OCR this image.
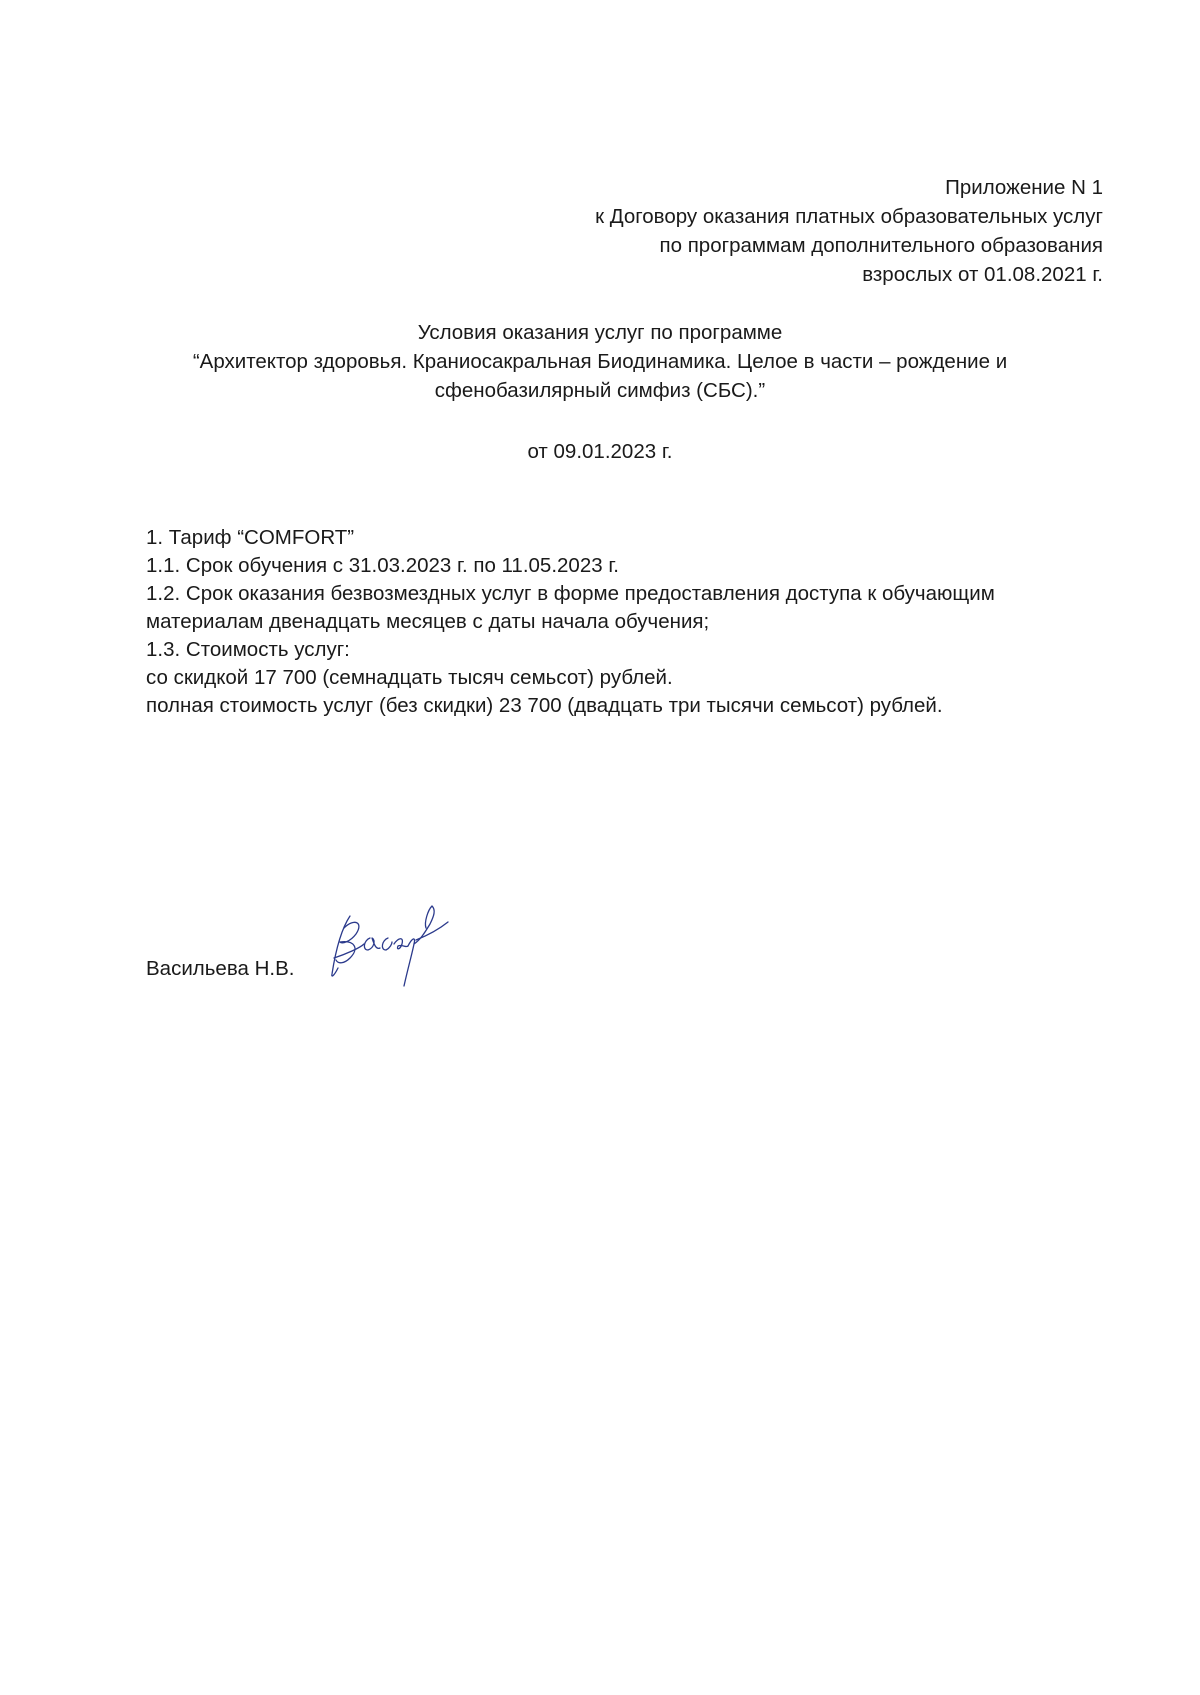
Приложение N 1
к Договору оказания платных образовательных услуг
по программам дополнительного образования
взрослых от 01.08.2021 г.
Условия оказания услуг по программе
“Архитектор здоровья. Краниосакральная Биодинамика. Целое в части – рождение и
сфенобазилярный симфиз (СБС).”
от 09.01.2023 г.
1. Тариф “COMFORT”
1.1. Срок обучения с 31.03.2023 г. по 11.05.2023 г.
1.2. Срок оказания безвозмездных услуг в форме предоставления доступа к обучающим
материалам двенадцать месяцев с даты начала обучения;
1.3. Стоимость услуг:
со скидкой 17 700 (семнадцать тысяч семьсот) рублей.
полная стоимость услуг (без скидки) 23 700 (двадцать три тысячи семьсот) рублей.
Васильева Н.В.
